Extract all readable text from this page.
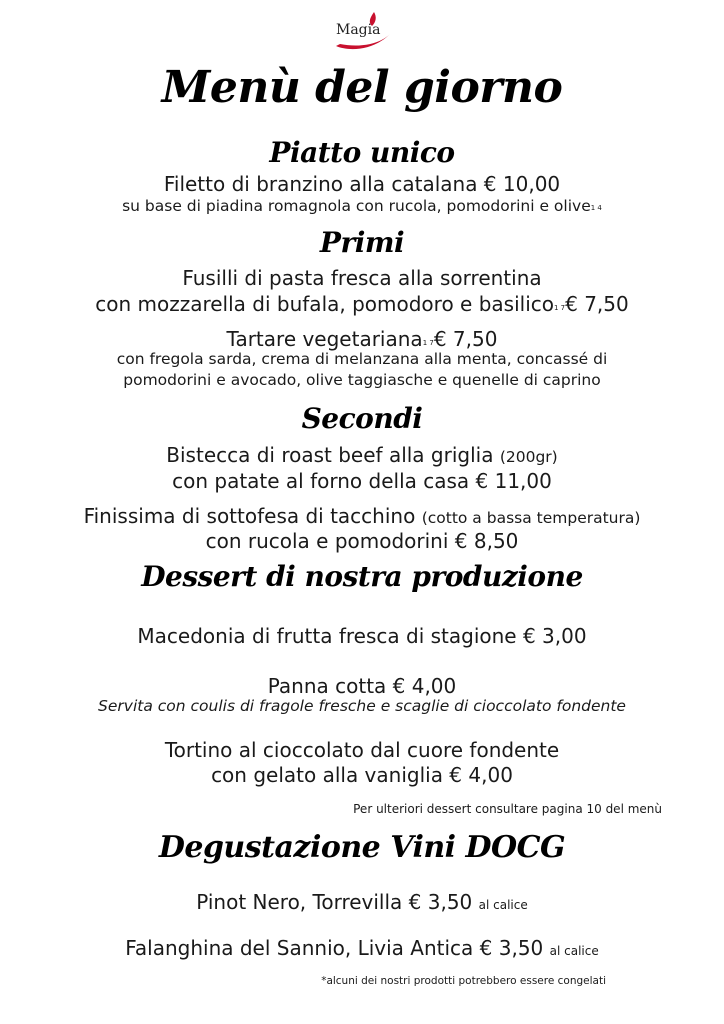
Magia
Menù del giorno
Piatto unico
Filetto di branzino alla catalana € 10,00
su base di piadina romagnola con rucola, pomodorini e olive1 4
Primi
Fusilli di pasta fresca alla sorrentina
con mozzarella di bufala, pomodoro e basilico1 7€ 7,50
Tartare vegetariana1 7€ 7,50
con fregola sarda, crema di melanzana alla menta, concassé di
pomodorini e avocado, olive taggiasche e quenelle di caprino
Secondi
Bistecca di roast beef alla griglia (200gr)
con patate al forno della casa € 11,00
Finissima di sottofesa di tacchino (cotto a bassa temperatura)
con rucola e pomodorini € 8,50
Dessert di nostra produzione
Macedonia di frutta fresca di stagione € 3,00
Panna cotta € 4,00
Servita con coulis di fragole fresche e scaglie di cioccolato fondente
Tortino al cioccolato dal cuore fondente
con gelato alla vaniglia € 4,00
Per ulteriori dessert consultare pagina 10 del menù
Degustazione Vini DOCG
Pinot Nero, Torrevilla € 3,50 al calice
Falanghina del Sannio, Livia Antica € 3,50 al calice
*alcuni dei nostri prodotti potrebbero essere congelati
